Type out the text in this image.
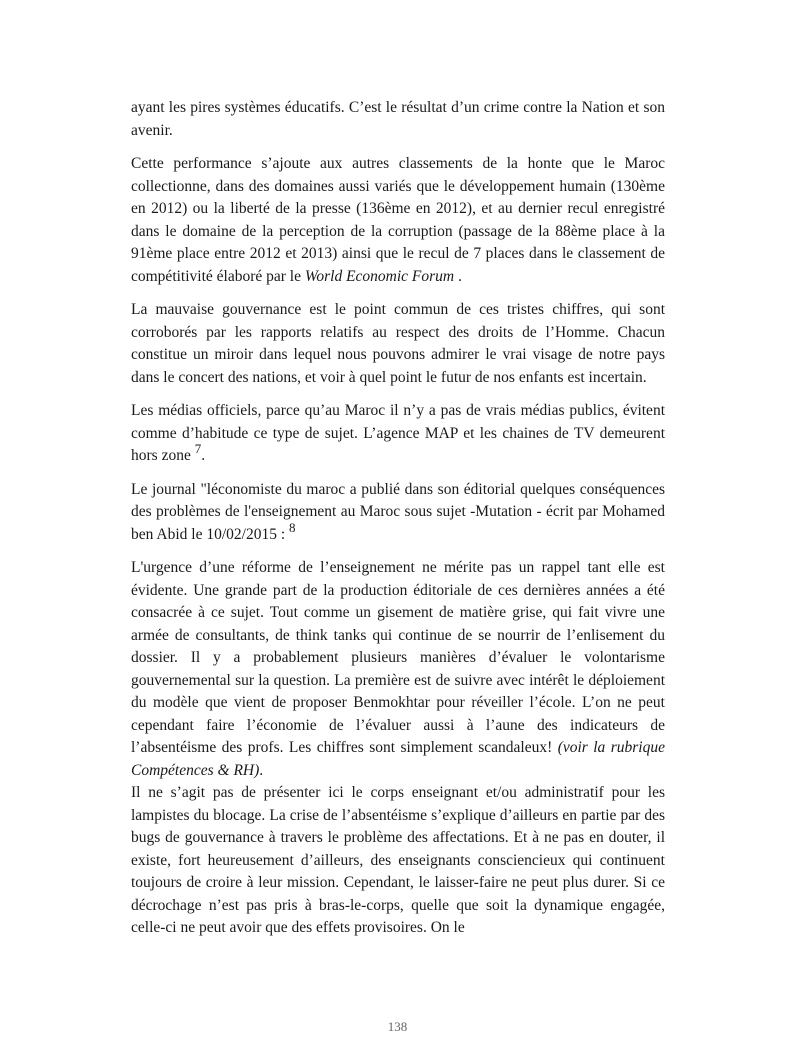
ayant les pires systèmes éducatifs. C’est le résultat d’un crime contre la Nation et son avenir.

Cette performance s’ajoute aux autres classements de la honte que le Maroc collectionne, dans des domaines aussi variés que le développement humain (130ème en 2012) ou la liberté de la presse (136ème en 2012), et au dernier recul enregistré dans le domaine de la perception de la corruption (passage de la 88ème place à la 91ème place entre 2012 et 2013) ainsi que le recul de 7 places dans le classement de compétitivité élaboré par le World Economic Forum .

La mauvaise gouvernance est le point commun de ces tristes chiffres, qui sont corroborés par les rapports relatifs au respect des droits de l’Homme. Chacun constitue un miroir dans lequel nous pouvons admirer le vrai visage de notre pays dans le concert des nations, et voir à quel point le futur de nos enfants est incertain.

Les médias officiels, parce qu’au Maroc il n’y a pas de vrais médias publics, évitent comme d’habitude ce type de sujet. L’agence MAP et les chaines de TV demeurent hors zone $^7$.

Le journal "léconomiste du maroc a publié dans son éditorial quelques conséquences des problèmes de l'enseignement au Maroc sous sujet -Mutation - écrit par Mohamed ben Abid le 10/02/2015 : $^8$

L'urgence d’une réforme de l’enseignement ne mérite pas un rappel tant elle est évidente. Une grande part de la production éditoriale de ces dernières années a été consacrée à ce sujet. Tout comme un gisement de matière grise, qui fait vivre une armée de consultants, de think tanks qui continue de se nourrir de l’enlisement du dossier. Il y a probablement plusieurs manières d’évaluer le volontarisme gouvernemental sur la question. La première est de suivre avec intérêt le déploiement du modèle que vient de proposer Benmokhtar pour réveiller l’école. L’on ne peut cependant faire l’économie de l’évaluer aussi à l’aune des indicateurs de l’absentéisme des profs. Les chiffres sont simplement scandaleux! (voir la rubrique Compétences & RH).

Il ne s’agit pas de présenter ici le corps enseignant et/ou administratif pour les lampistes du blocage. La crise de l’absentéisme s’explique d’ailleurs en partie par des bugs de gouvernance à travers le problème des affectations. Et à ne pas en douter, il existe, fort heureusement d’ailleurs, des enseignants consciencieux qui continuent toujours de croire à leur mission. Cependant, le laisser-faire ne peut plus durer. Si ce décrochage n’est pas pris à bras-le-corps, quelle que soit la dynamique engagée, celle-ci ne peut avoir que des effets provisoires. On le

138
